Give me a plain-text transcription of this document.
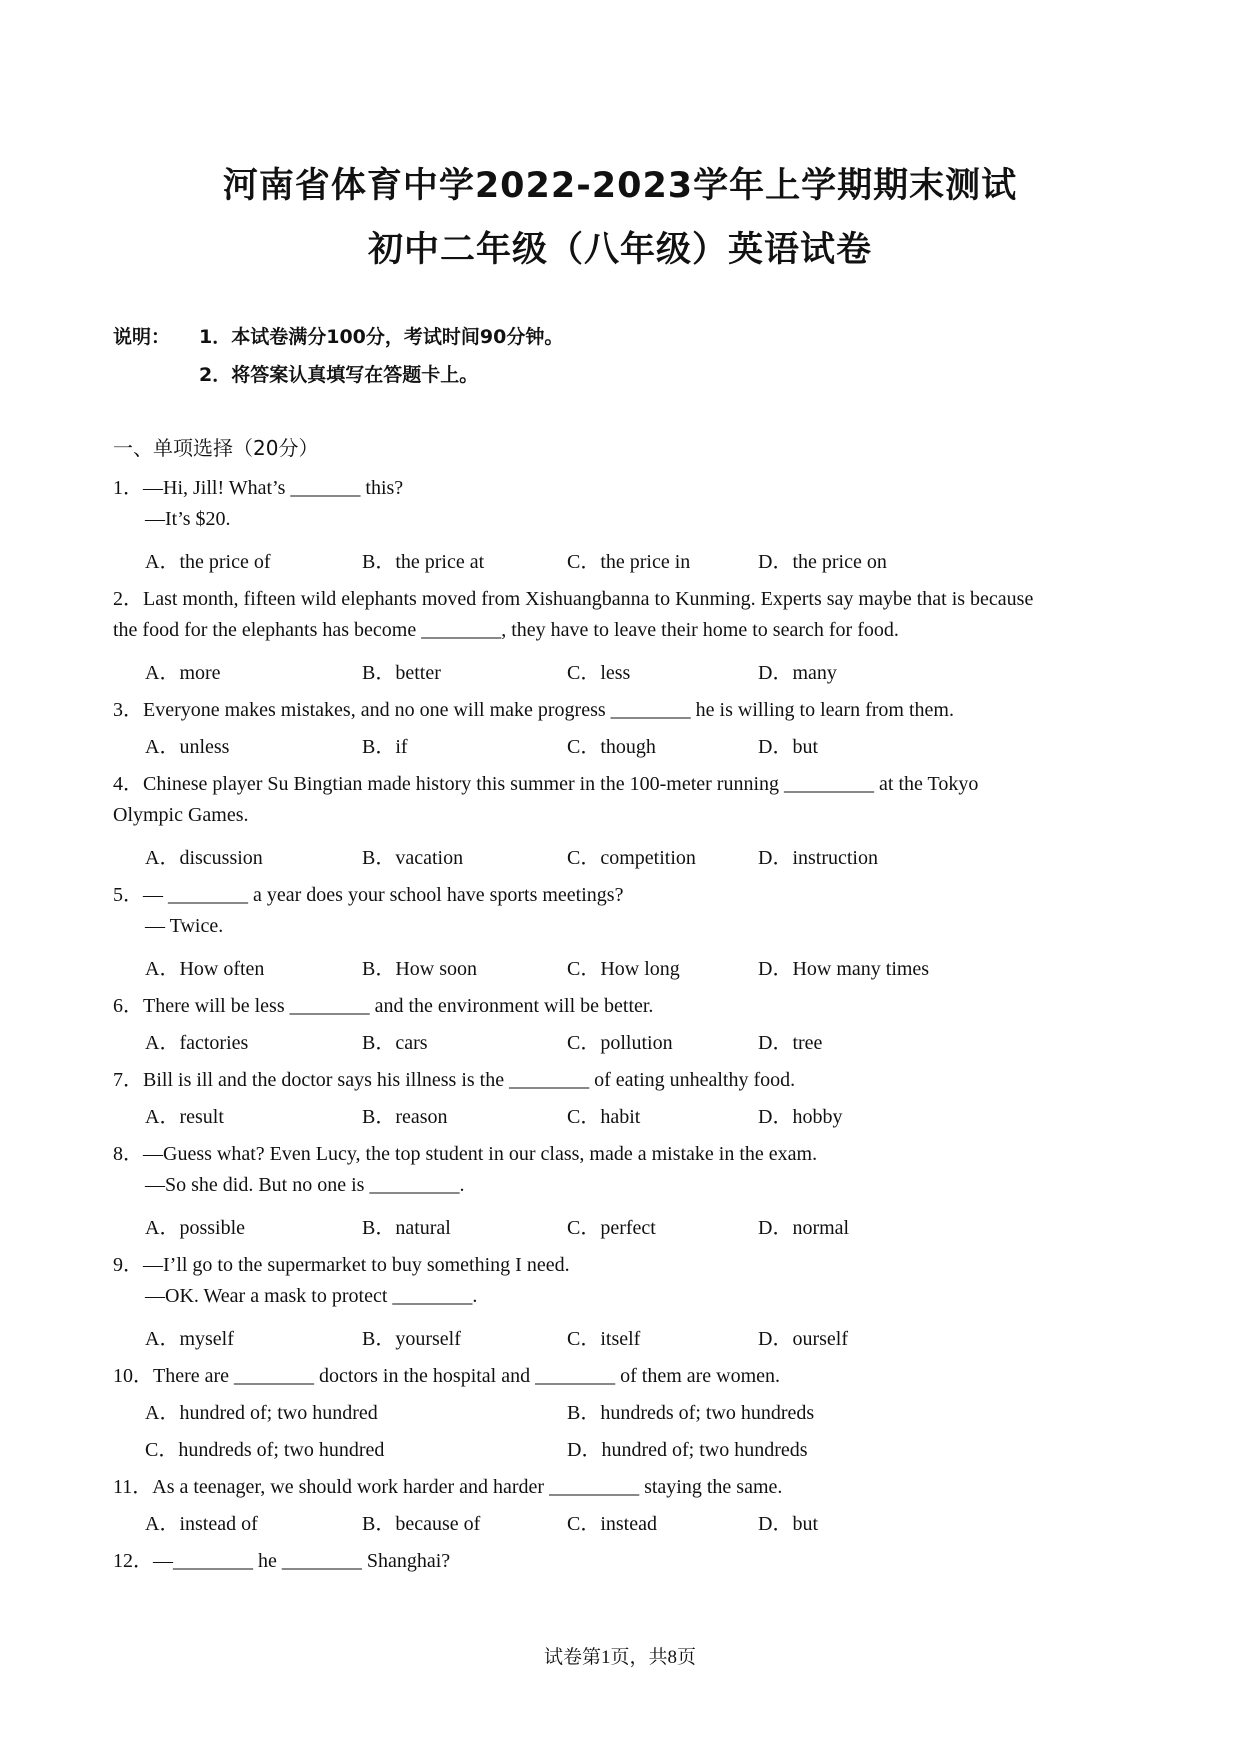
河南省体育中学2022-2023学年上学期期末测试
初中二年级（八年级）英语试卷
说明： 1．本试卷满分100分，考试时间90分钟。
2．将答案认真填写在答题卡上。
一、单项选择（20分）
1．—Hi, Jill! What’s _______ this?
—It’s $20.
A．the price of	B．the price at	C．the price in	D．the price on
2．Last month, fifteen wild elephants moved from Xishuangbanna to Kunming. Experts say maybe that is because
the food for the elephants has become ________, they have to leave their home to search for food.
A．more	B．better	C．less	D．many
3．Everyone makes mistakes, and no one will make progress ________ he is willing to learn from them.
A．unless	B．if	C．though	D．but
4．Chinese player Su Bingtian made history this summer in the 100-meter running _________ at the Tokyo
Olympic Games.
A．discussion	B．vacation	C．competition	D．instruction
5．— ________ a year does your school have sports meetings?
— Twice.
A．How often	B．How soon	C．How long	D．How many times
6．There will be less ________ and the environment will be better.
A．factories	B．cars	C．pollution	D．tree
7．Bill is ill and the doctor says his illness is the ________ of eating unhealthy food.
A．result	B．reason	C．habit	D．hobby
8．—Guess what? Even Lucy, the top student in our class, made a mistake in the exam.
—So she did. But no one is _________.
A．possible	B．natural	C．perfect	D．normal
9．—I’ll go to the supermarket to buy something I need.
—OK. Wear a mask to protect ________.
A．myself	B．yourself	C．itself	D．ourself
10．There are ________ doctors in the hospital and ________ of them are women.
A．hundred of; two hundred	B．hundreds of; two hundreds
C．hundreds of; two hundred	D．hundred of; two hundreds
11．As a teenager, we should work harder and harder _________ staying the same.
A．instead of	B．because of	C．instead	D．but
12．—________ he ________ Shanghai?
试卷第1页，共8页
